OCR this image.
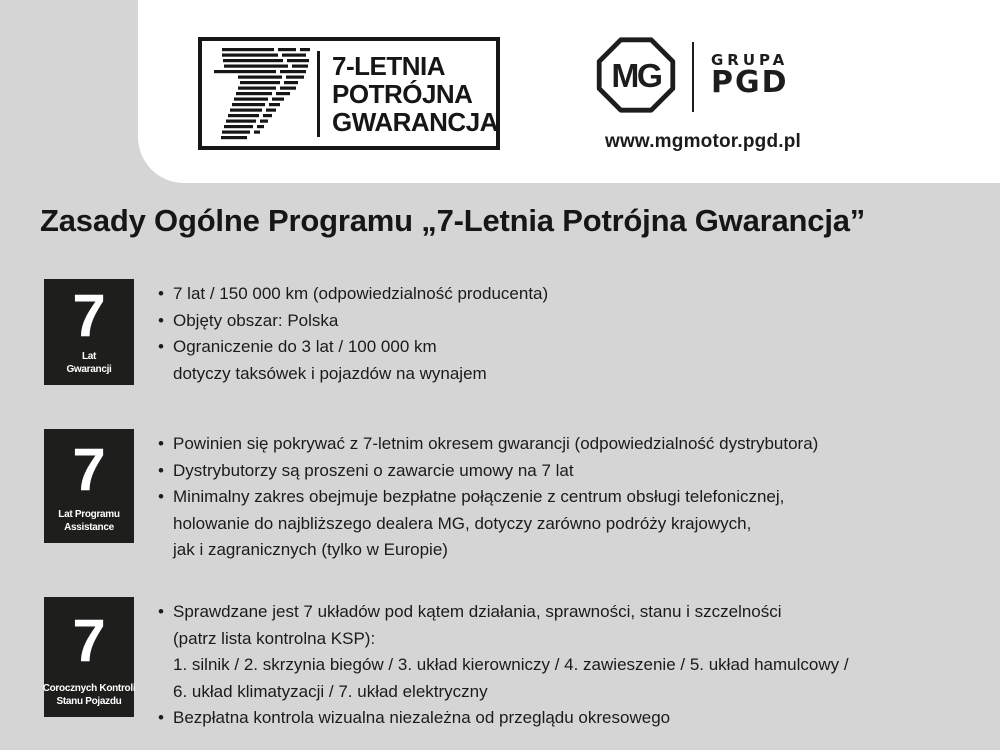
7-LETNIA
POTRÓJNA
GWARANCJA
MG	GRUPA
PGD
www.mgmotor.pgd.pl
Zasady Ogólne Programu „7-Letnia Potrójna Gwarancja”
7
Lat
Gwarancji
• 7 lat / 150 000 km (odpowiedzialność producenta)
• Objęty obszar: Polska
• Ograniczenie do 3 lat / 100 000 km
dotyczy taksówek i pojazdów na wynajem
7
Lat Programu
Assistance
• Powinien się pokrywać z 7-letnim okresem gwarancji (odpowiedzialność dystrybutora)
• Dystrybutorzy są proszeni o zawarcie umowy na 7 lat
• Minimalny zakres obejmuje bezpłatne połączenie z centrum obsługi telefonicznej,
holowanie do najbliższego dealera MG, dotyczy zarówno podróży krajowych,
jak i zagranicznych (tylko w Europie)
7
Corocznych Kontroli
Stanu Pojazdu
• Sprawdzane jest 7 układów pod kątem działania, sprawności, stanu i szczelności
(patrz lista kontrolna KSP):
1. silnik / 2. skrzynia biegów / 3. układ kierowniczy / 4. zawieszenie / 5. układ hamulcowy /
6. układ klimatyzacji / 7. układ elektryczny
• Bezpłatna kontrola wizualna niezależna od przeglądu okresowego
